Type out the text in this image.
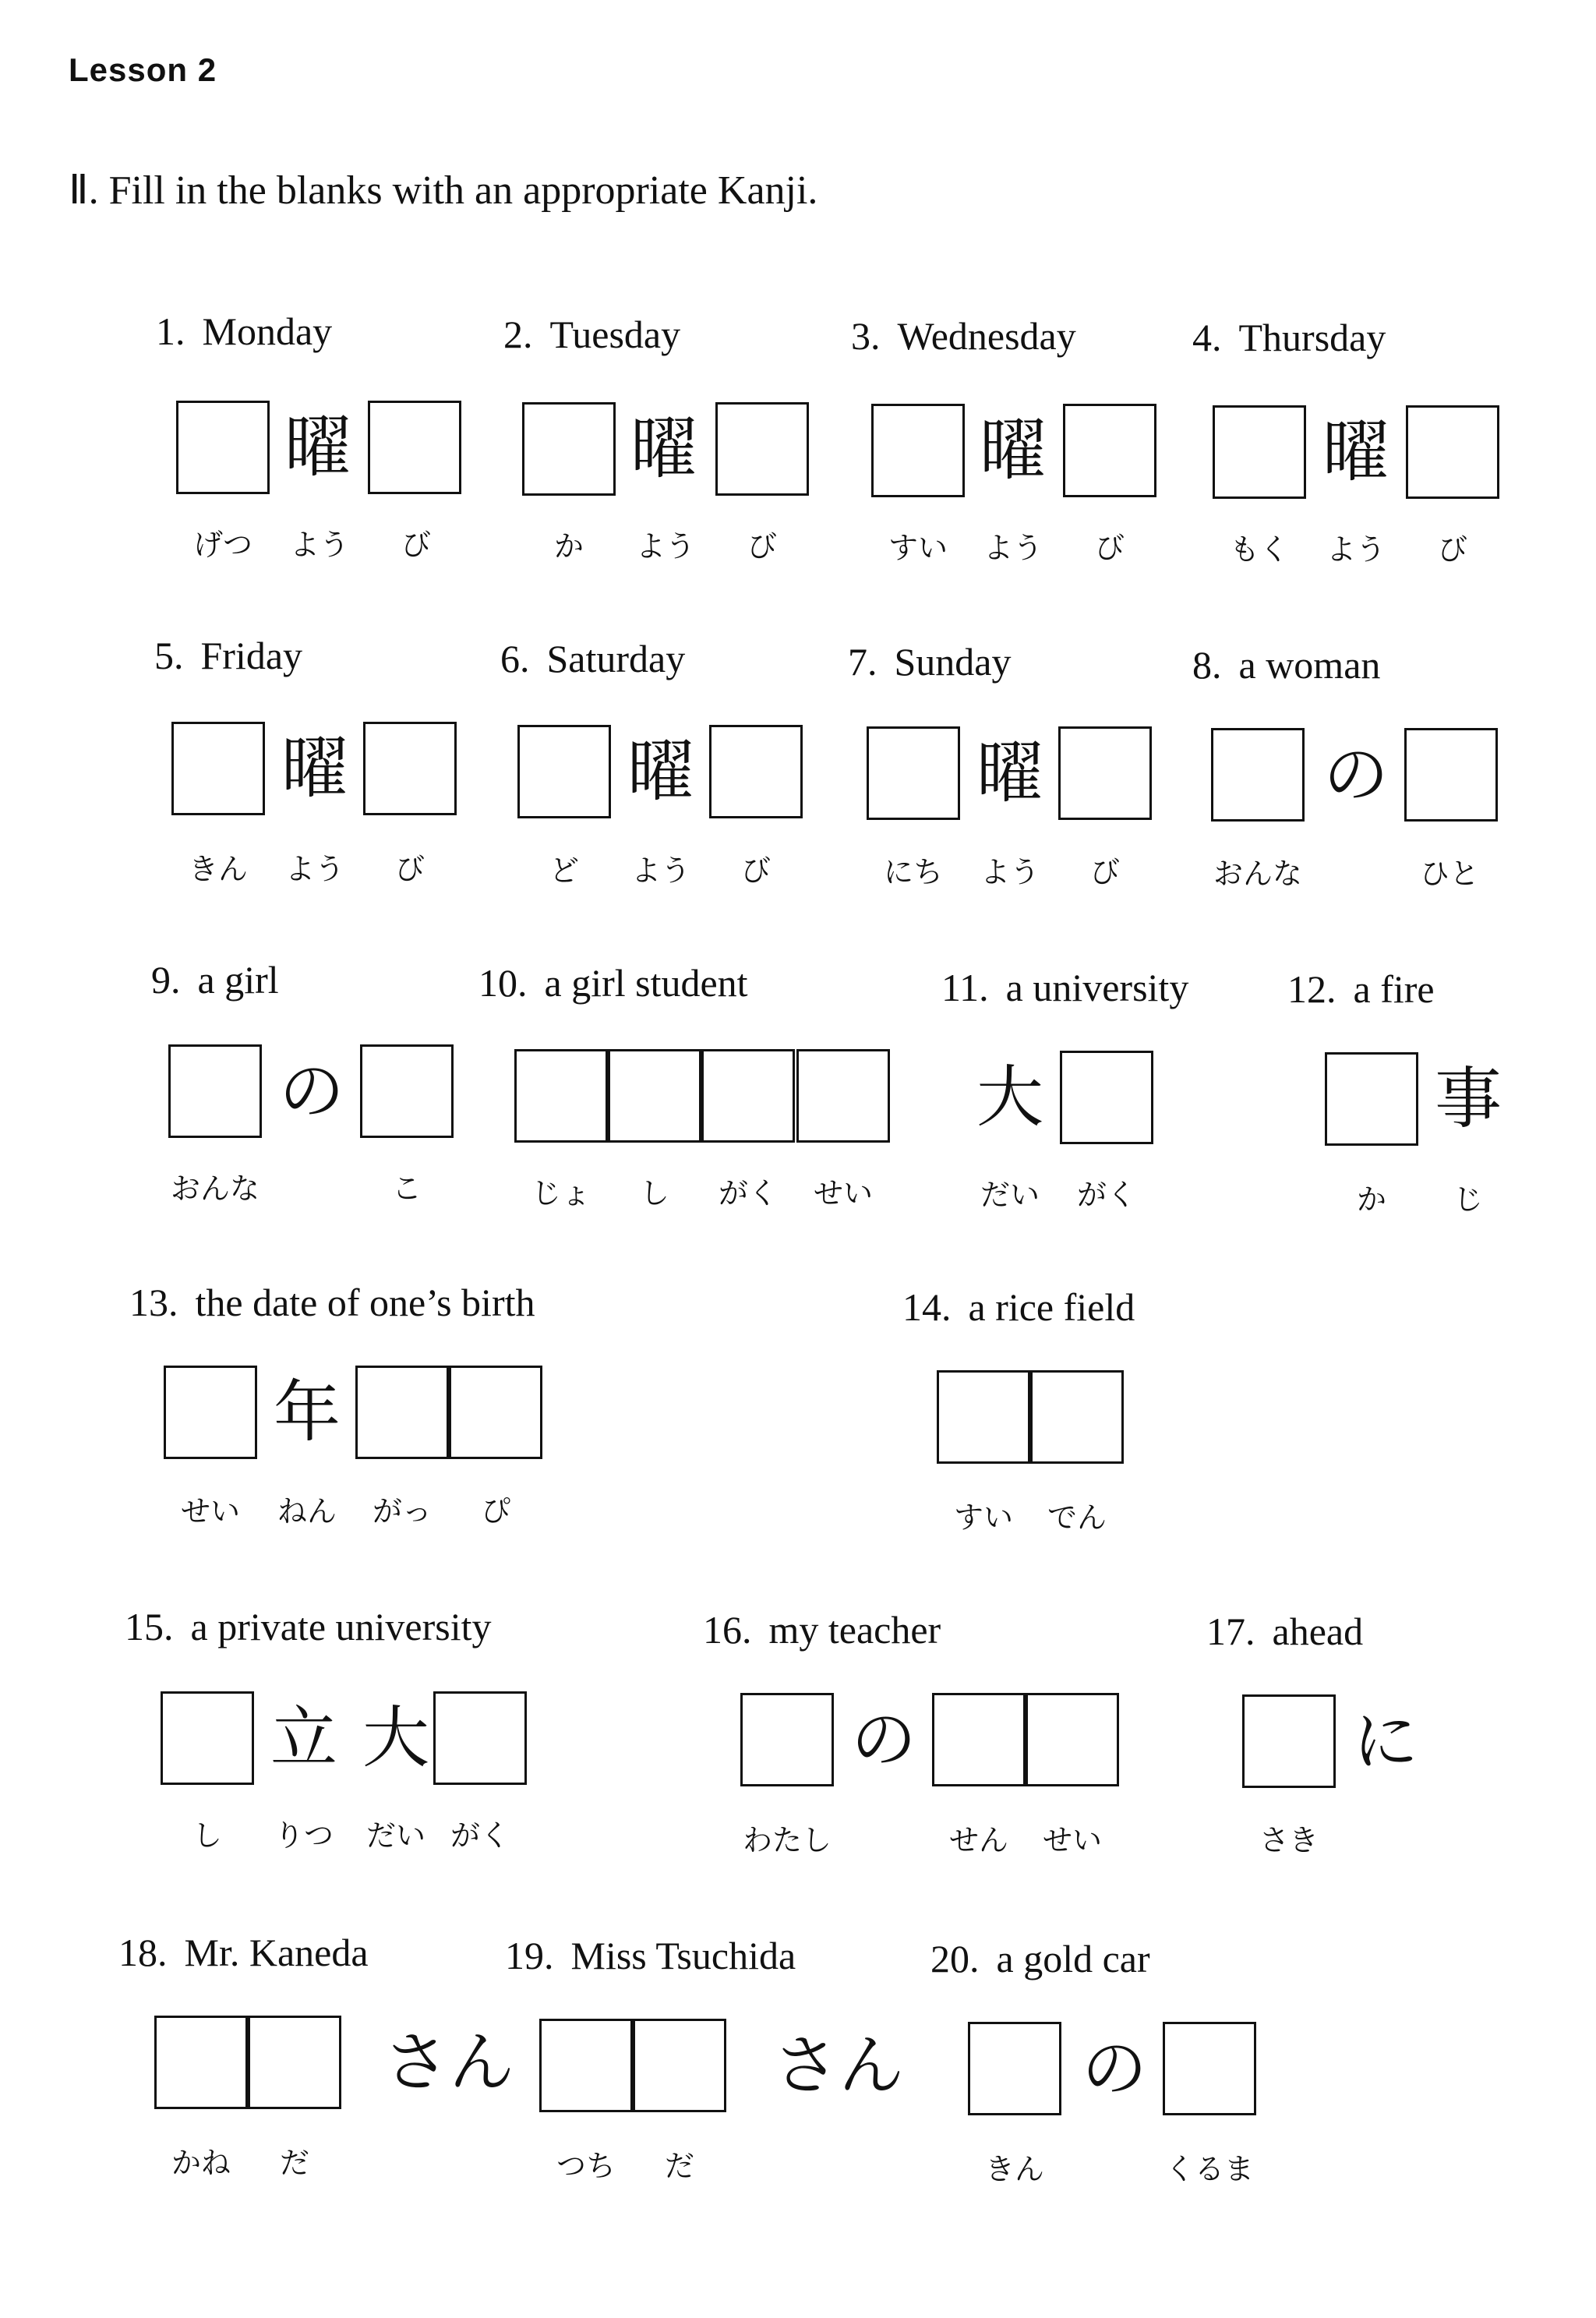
Lesson 2
Ⅱ. Fill in the blanks with an appropriate Kanji.
1. Monday
曜
げつ	よう	び
2. Tuesday
曜
か	よう	び
3. Wednesday
曜
すい	よう	び
4. Thursday
曜
もく	よう	び
5. Friday
曜
きん	よう	び
6. Saturday
曜
ど	よう	び
7. Sunday
曜
にち	よう	び
8. a woman
の
おんな	ひと
9. a girl
の
おんな	こ
10. a girl student
じょ	し	がく	せい
11. a university
大
だい	がく
12. a fire
事
か	じ
13. the date of one’s birth
年
せい	ねん	がっ	ぴ
14. a rice field
すい	でん
15. a private university
立 大
し	りつ	だい がく
16. my teacher
の
わたし	せん	せい
17. ahead
に
さき
18. Mr. Kaneda
さん
かね	だ
19. Miss Tsuchida
さん
つち	だ
20. a gold car
の
きん	くるま
